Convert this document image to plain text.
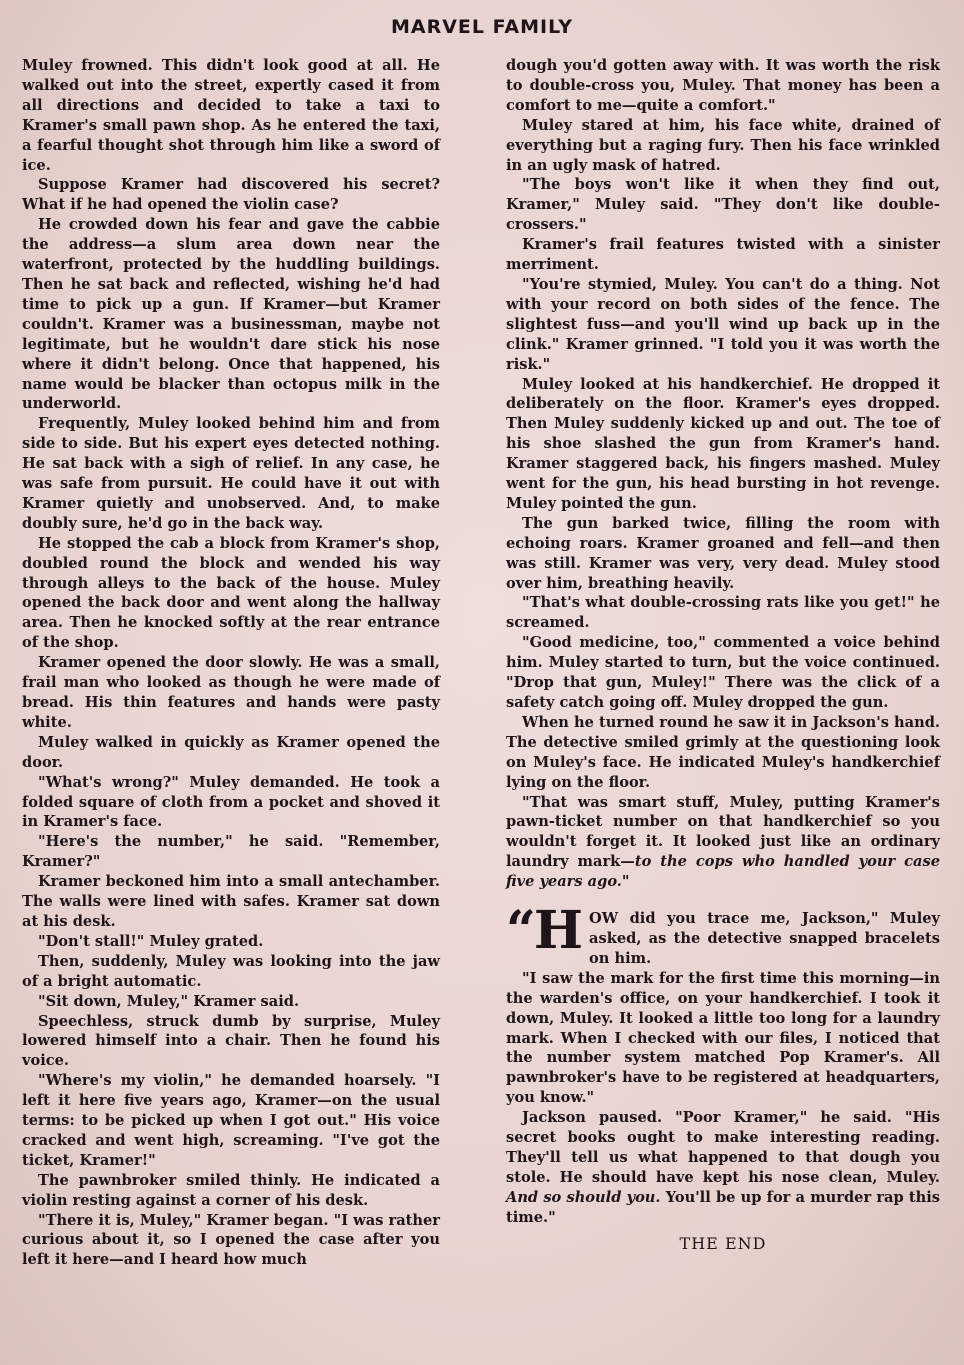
MARVEL FAMILY

Muley frowned. This didn't look good at all. He walked out into the street, expertly cased it from all directions and decided to take a taxi to Kramer's small pawn shop. As he entered the taxi, a fearful thought shot through him like a sword of ice.

Suppose Kramer had discovered his secret? What if he had opened the violin case?

He crowded down his fear and gave the cabbie the address—a slum area down near the waterfront, protected by the huddling buildings. Then he sat back and reflected, wishing he'd had time to pick up a gun. If Kramer—but Kramer couldn't. Kramer was a businessman, maybe not legitimate, but he wouldn't dare stick his nose where it didn't belong. Once that happened, his name would be blacker than octopus milk in the underworld.

Frequently, Muley looked behind him and from side to side. But his expert eyes detected nothing. He sat back with a sigh of relief. In any case, he was safe from pursuit. He could have it out with Kramer quietly and unobserved. And, to make doubly sure, he'd go in the back way.

He stopped the cab a block from Kramer's shop, doubled round the block and wended his way through alleys to the back of the house. Muley opened the back door and went along the hallway area. Then he knocked softly at the rear entrance of the shop.

Kramer opened the door slowly. He was a small, frail man who looked as though he were made of bread. His thin features and hands were pasty white.

Muley walked in quickly as Kramer opened the door.

"What's wrong?" Muley demanded. He took a folded square of cloth from a pocket and shoved it in Kramer's face.

"Here's the number," he said. "Remember, Kramer?"

Kramer beckoned him into a small antechamber. The walls were lined with safes. Kramer sat down at his desk.

"Don't stall!" Muley grated.

Then, suddenly, Muley was looking into the jaw of a bright automatic.

"Sit down, Muley," Kramer said.

Speechless, struck dumb by surprise, Muley lowered himself into a chair. Then he found his voice.

"Where's my violin," he demanded hoarsely. "I left it here five years ago, Kramer—on the usual terms: to be picked up when I got out." His voice cracked and went high, screaming. "I've got the ticket, Kramer!"

The pawnbroker smiled thinly. He indicated a violin resting against a corner of his desk.

"There it is, Muley," Kramer began. "I was rather curious about it, so I opened the case after you left it here—and I heard how much

dough you'd gotten away with. It was worth the risk to double-cross you, Muley. That money has been a comfort to me—quite a comfort."

Muley stared at him, his face white, drained of everything but a raging fury. Then his face wrinkled in an ugly mask of hatred.

"The boys won't like it when they find out, Kramer," Muley said. "They don't like double-crossers."

Kramer's frail features twisted with a sinister merriment.

"You're stymied, Muley. You can't do a thing. Not with your record on both sides of the fence. The slightest fuss—and you'll wind up back up in the clink." Kramer grinned. "I told you it was worth the risk."

Muley looked at his handkerchief. He dropped it deliberately on the floor. Kramer's eyes dropped. Then Muley suddenly kicked up and out. The toe of his shoe slashed the gun from Kramer's hand. Kramer staggered back, his fingers mashed. Muley went for the gun, his head bursting in hot revenge. Muley pointed the gun.

The gun barked twice, filling the room with echoing roars. Kramer groaned and fell—and then was still. Kramer was very, very dead. Muley stood over him, breathing heavily.

"That's what double-crossing rats like you get!" he screamed.

"Good medicine, too," commented a voice behind him. Muley started to turn, but the voice continued. "Drop that gun, Muley!" There was the click of a safety catch going off. Muley dropped the gun.

When he turned round he saw it in Jackson's hand. The detective smiled grimly at the questioning look on Muley's face. He indicated Muley's handkerchief lying on the floor.

"That was smart stuff, Muley, putting Kramer's pawn-ticket number on that handkerchief so you wouldn't forget it. It looked just like an ordinary laundry mark—to the cops who handled your case five years ago."

“HOW did you trace me, Jackson," Muley asked, as the detective snapped bracelets on him.

"I saw the mark for the first time this morning—in the warden's office, on your handkerchief. I took it down, Muley. It looked a little too long for a laundry mark. When I checked with our files, I noticed that the number system matched Pop Kramer's. All pawnbroker's have to be registered at headquarters, you know."

Jackson paused. "Poor Kramer," he said. "His secret books ought to make interesting reading. They'll tell us what happened to that dough you stole. He should have kept his nose clean, Muley. And so should you. You'll be up for a murder rap this time."

THE END
